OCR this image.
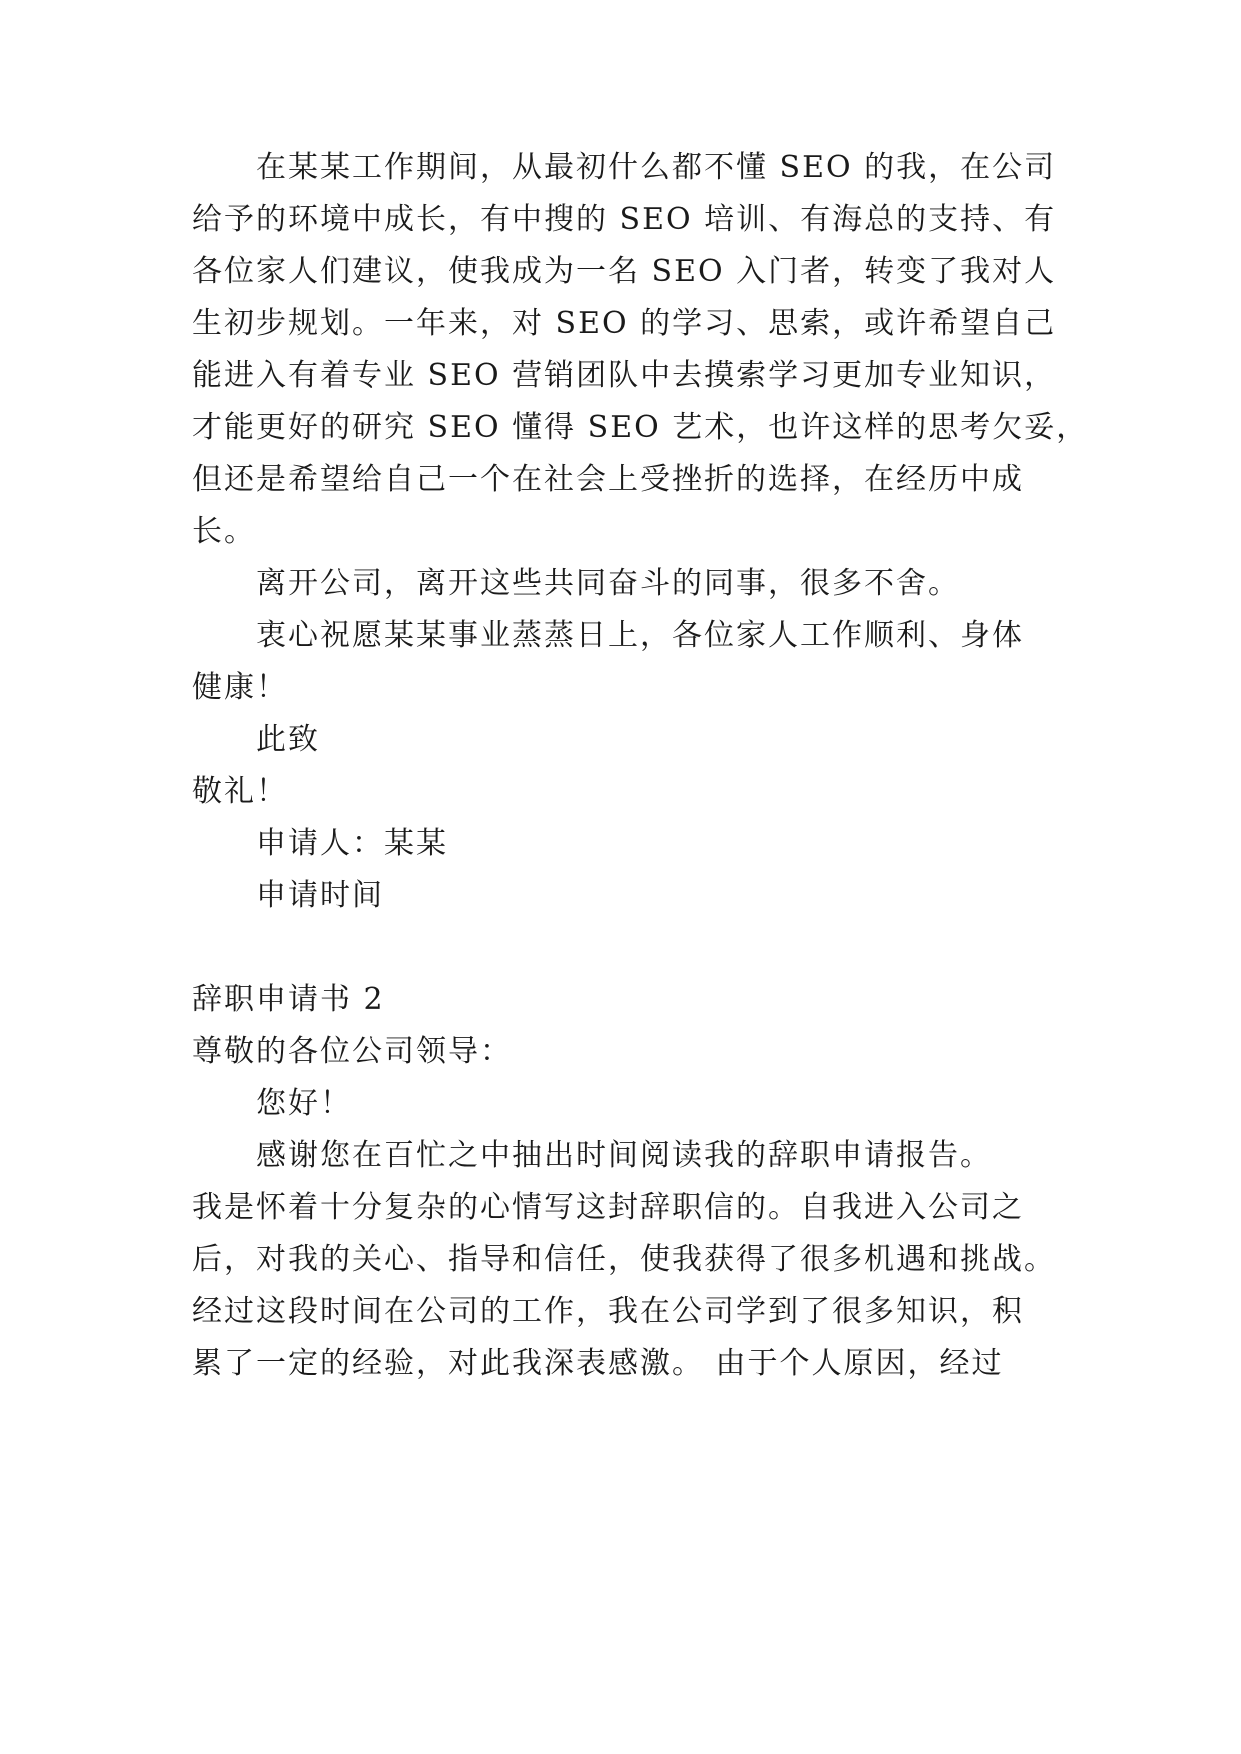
在某某工作期间，从最初什么都不懂 SEO 的我，在公司
给予的环境中成长，有中搜的 SEO 培训、有海总的支持、有
各位家人们建议，使我成为一名 SEO 入门者，转变了我对人
生初步规划。一年来，对 SEO 的学习、思索，或许希望自己
能进入有着专业 SEO 营销团队中去摸索学习更加专业知识，
才能更好的研究 SEO 懂得 SEO 艺术，也许这样的思考欠妥，
但还是希望给自己一个在社会上受挫折的选择，在经历中成
长。
离开公司，离开这些共同奋斗的同事，很多不舍。
衷心祝愿某某事业蒸蒸日上，各位家人工作顺利、身体
健康！
此致
敬礼！
申请人：某某
申请时间
辞职申请书 2
尊敬的各位公司领导：
您好！
感谢您在百忙之中抽出时间阅读我的辞职申请报告。
我是怀着十分复杂的心情写这封辞职信的。自我进入公司之
后，对我的关心、指导和信任，使我获得了很多机遇和挑战。
经过这段时间在公司的工作，我在公司学到了很多知识，积
累了一定的经验，对此我深表感激。 由于个人原因，经过
